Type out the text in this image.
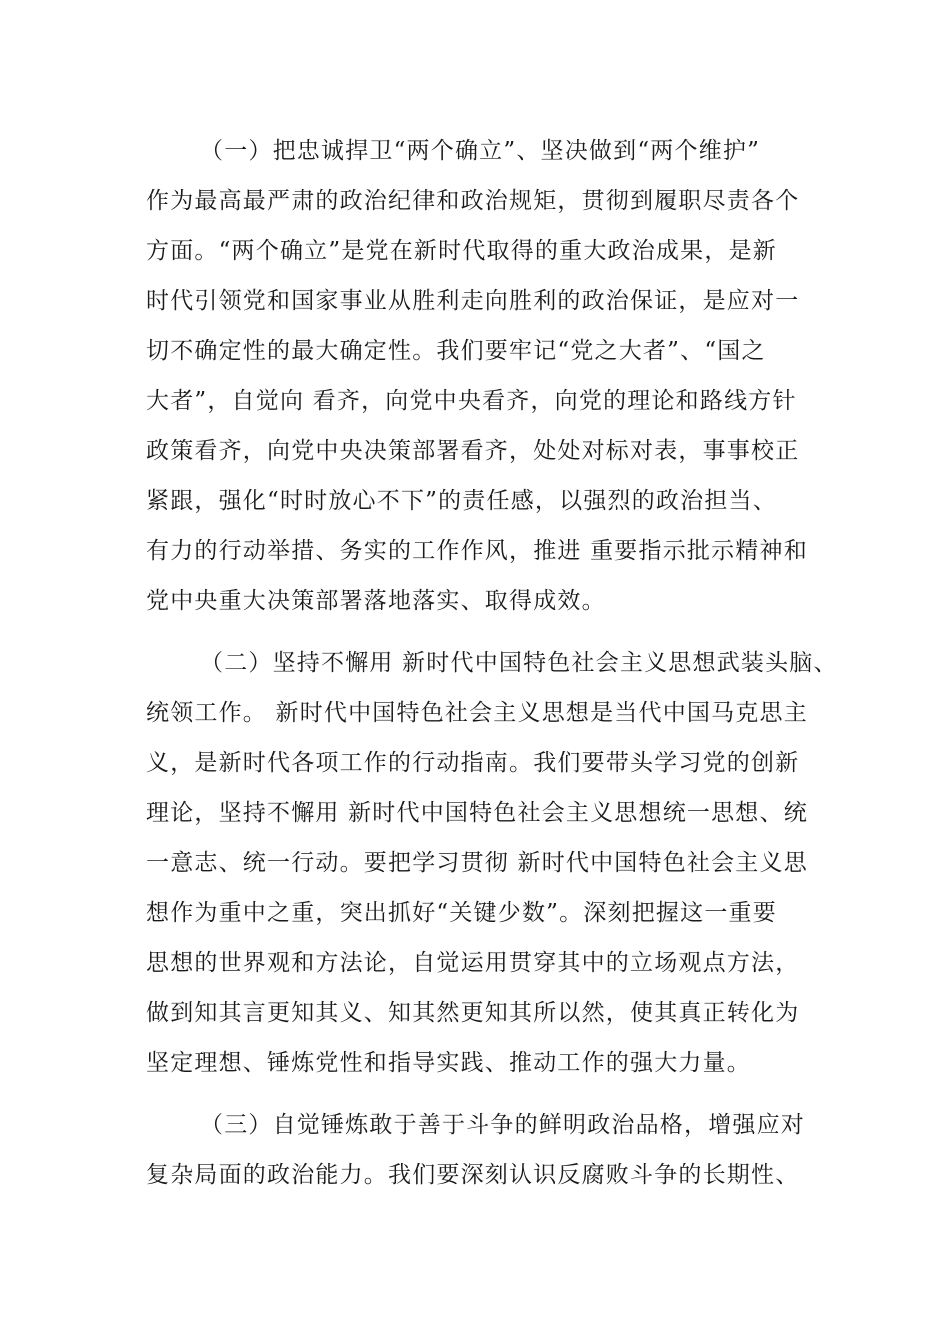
（一）把忠诚捍卫“两个确立”、坚决做到“两个维护”
作为最高最严肃的政治纪律和政治规矩，贯彻到履职尽责各个
方面。“两个确立”是党在新时代取得的重大政治成果，是新
时代引领党和国家事业从胜利走向胜利的政治保证，是应对一
切不确定性的最大确定性。我们要牢记“党之大者”、“国之
大者”，自觉向 看齐，向党中央看齐，向党的理论和路线方针
政策看齐，向党中央决策部署看齐，处处对标对表，事事校正
紧跟，强化“时时放心不下”的责任感，以强烈的政治担当、
有力的行动举措、务实的工作作风，推进 重要指示批示精神和
党中央重大决策部署落地落实、取得成效。
（二）坚持不懈用 新时代中国特色社会主义思想武装头脑、
统领工作。 新时代中国特色社会主义思想是当代中国马克思主
义，是新时代各项工作的行动指南。我们要带头学习党的创新
理论，坚持不懈用 新时代中国特色社会主义思想统一思想、统
一意志、统一行动。要把学习贯彻 新时代中国特色社会主义思
想作为重中之重，突出抓好“关键少数”。深刻把握这一重要
思想的世界观和方法论，自觉运用贯穿其中的立场观点方法，
做到知其言更知其义、知其然更知其所以然，使其真正转化为
坚定理想、锤炼党性和指导实践、推动工作的强大力量。
（三）自觉锤炼敢于善于斗争的鲜明政治品格，增强应对
复杂局面的政治能力。我们要深刻认识反腐败斗争的长期性、
